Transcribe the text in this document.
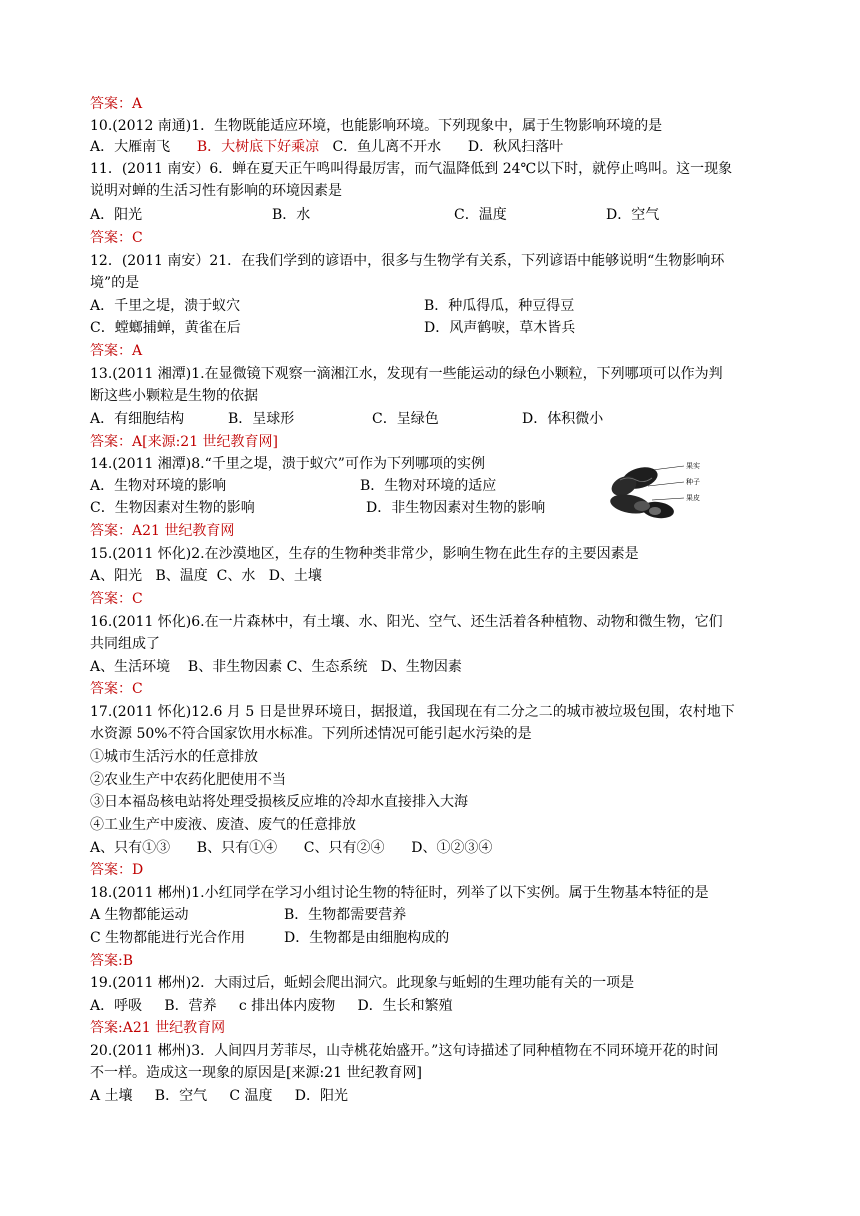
答案：A
10.(2012 南通)1．生物既能适应环境，也能影响环境。下列现象中，属于生物影响环境的是
A．大雁南飞      B．大树底下好乘凉   C．鱼儿离不开水      D．秋风扫落叶
11．(2011 南安）6．蝉在夏天正午鸣叫得最厉害，而气温降低到 24℃以下时，就停止鸣叫。这一现象
说明对蝉的生活习性有影响的环境因素是
A．阳光	B．水	C．温度	D．空气
答案：C
12．(2011 南安）21．在我们学到的谚语中，很多与生物学有关系，下列谚语中能够说明“生物影响环
境”的是
A．千里之堤，溃于蚁穴	B．种瓜得瓜，种豆得豆
C．螳螂捕蝉，黄雀在后	D．风声鹤唳，草木皆兵
答案：A
13.(2011 湘潭)1.在显微镜下观察一滴湘江水，发现有一些能运动的绿色小颗粒，下列哪项可以作为判
断这些小颗粒是生物的依据
A．有细胞结构	B．呈球形	C．呈绿色	D．体积微小
答案：A[来源:21 世纪教育网]
14.(2011 湘潭)8.“千里之堤，溃于蚁穴”可作为下列哪项的实例
A．生物对环境的影响	B．生物对环境的适应
C．生物因素对生物的影响	D．非生物因素对生物的影响
答案：A21 世纪教育网
果实
种子
果皮
15.(2011 怀化)2.在沙漠地区，生存的生物种类非常少，影响生物在此生存的主要因素是
A、阳光   B、温度  C、水   D、土壤
答案：C
16.(2011 怀化)6.在一片森林中，有土壤、水、阳光、空气、还生活着各种植物、动物和微生物，它们
共同组成了
A、生活环境    B、非生物因素 C、生态系统   D、生物因素
答案：C
17.(2011 怀化)12.6 月 5 日是世界环境日，据报道，我国现在有二分之二的城市被垃圾包围，农村地下
水资源 50%不符合国家饮用水标准。下列所述情况可能引起水污染的是
①城市生活污水的任意排放
②农业生产中农药化肥使用不当
③日本福岛核电站将处理受损核反应堆的冷却水直接排入大海
④工业生产中废液、废渣、废气的任意排放
A、只有①③      B、只有①④      C、只有②④      D、①②③④
答案：D
18.(2011 郴州)1.小红同学在学习小组讨论生物的特征时，列举了以下实例。属于生物基本特征的是
A 生物都能运动	B．生物都需要营养
C 生物都能进行光合作用	D．生物都是由细胞构成的
答案:B
19.(2011 郴州)2．大雨过后，蚯蚓会爬出洞穴。此现象与蚯蚓的生理功能有关的一项是
A．呼吸     B．营养     c 排出体内废物     D．生长和繁殖
答案:A21 世纪教育网
20.(2011 郴州)3．人间四月芳菲尽，山寺桃花始盛开。”这句诗描述了同种植物在不同环境开花的时间
不一样。造成这一现象的原因是[来源:21 世纪教育网]
A 土壤     B．空气     C 温度     D．阳光
